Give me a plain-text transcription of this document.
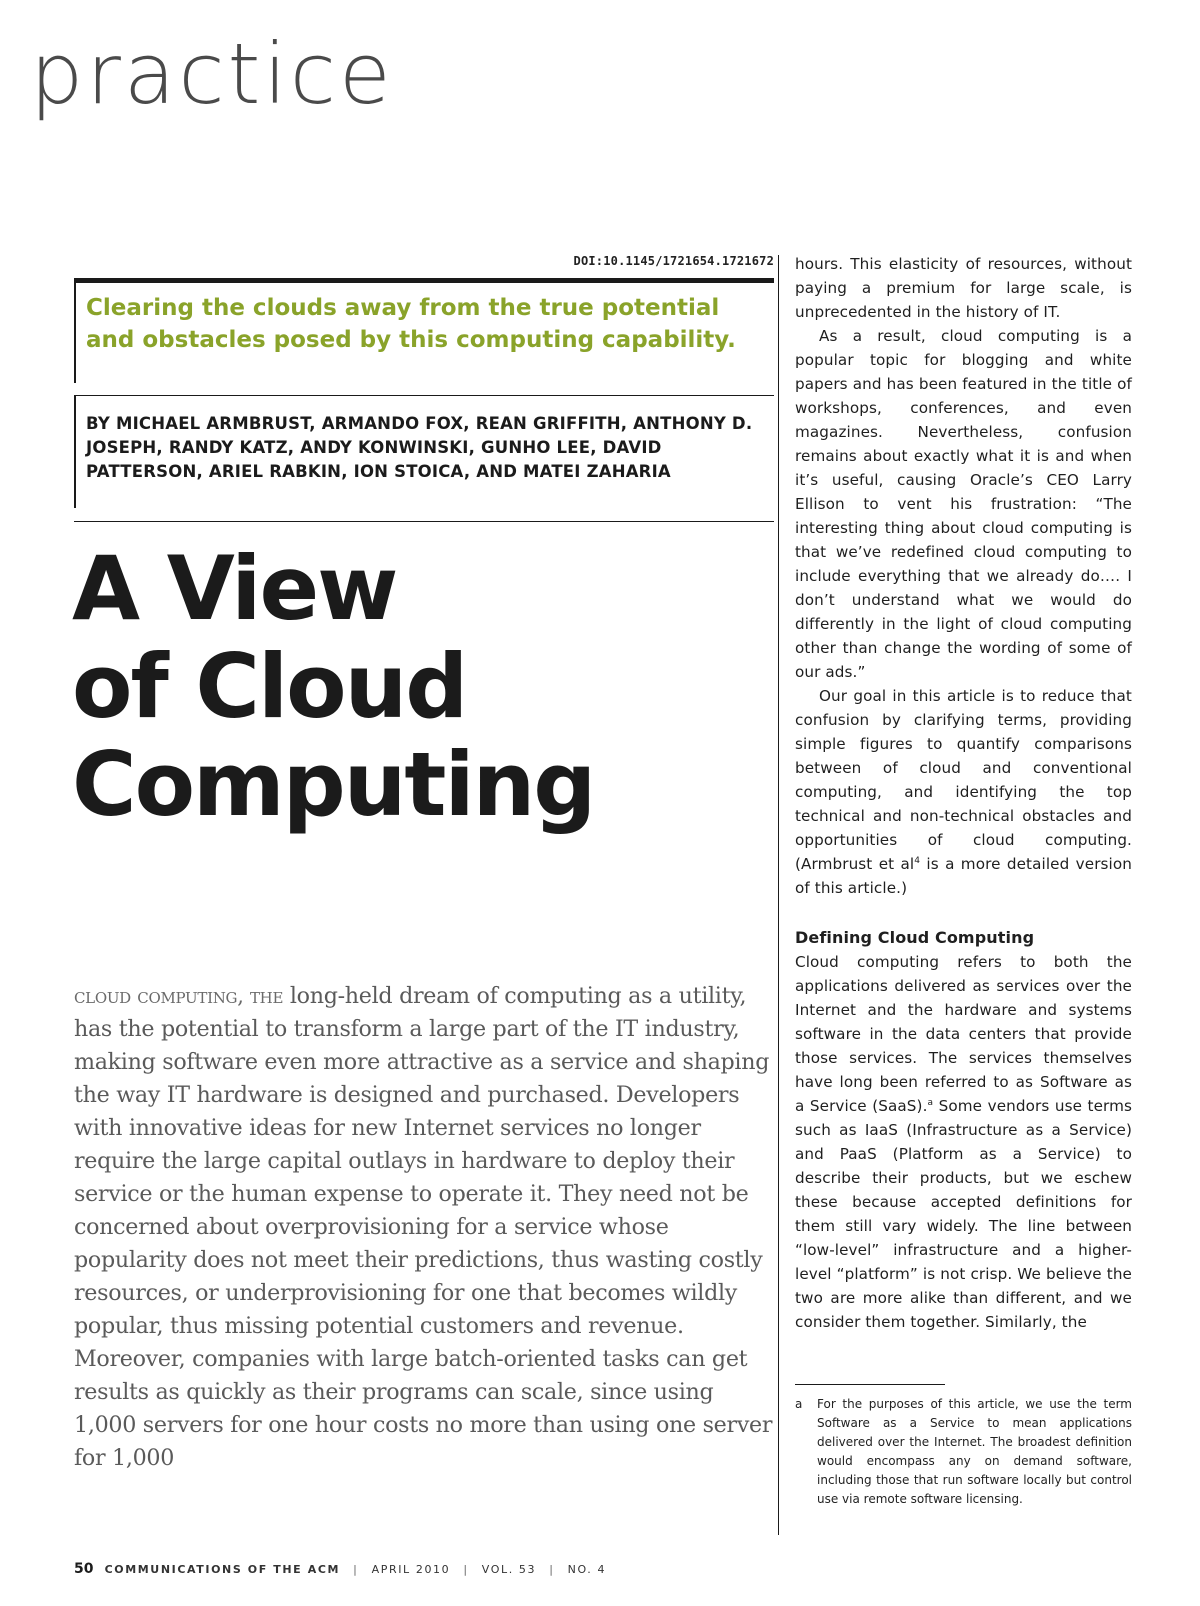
practice
DOI:10.1145/1721654.1721672
Clearing the clouds away from the true potential and obstacles posed by this computing capability.
BY MICHAEL ARMBRUST, ARMANDO FOX, REAN GRIFFITH, ANTHONY D. JOSEPH, RANDY KATZ, ANDY KONWINSKI, GUNHO LEE, DAVID PATTERSON, ARIEL RABKIN, ION STOICA, AND MATEI ZAHARIA
A View
of Cloud
Computing
cloud computing, the long-held dream of computing as a utility, has the potential to transform a large part of the IT industry, making software even more attractive as a service and shaping the way IT hardware is designed and purchased. Developers with innovative ideas for new Internet services no longer require the large capital outlays in hardware to deploy their service or the human expense to operate it. They need not be concerned about overprovisioning for a service whose popularity does not meet their predictions, thus wasting costly resources, or underprovisioning for one that becomes wildly popular, thus missing potential customers and revenue. Moreover, companies with large batch-oriented tasks can get results as quickly as their programs can scale, since using 1,000 servers for one hour costs no more than using one server for 1,000

hours. This elasticity of resources, without paying a premium for large scale, is unprecedented in the history of IT.

As a result, cloud computing is a popular topic for blogging and white papers and has been featured in the title of workshops, conferences, and even magazines. Nevertheless, confusion remains about exactly what it is and when it’s useful, causing Oracle’s CEO Larry Ellison to vent his frustration: “The interesting thing about cloud computing is that we’ve redefined cloud computing to include everything that we already do…. I don’t understand what we would do differently in the light of cloud computing other than change the wording of some of our ads.”

Our goal in this article is to reduce that confusion by clarifying terms, providing simple figures to quantify comparisons between of cloud and conventional computing, and identifying the top technical and non-technical obstacles and opportunities of cloud computing. (Armbrust et $al^4$ is a more detailed version of this article.)

Defining Cloud Computing

Cloud computing refers to both the applications delivered as services over the Internet and the hardware and systems software in the data centers that provide those services. The services themselves have long been referred to as Software as a Service (SaaS).$^a$ Some vendors use terms such as IaaS (Infrastructure as a Service) and PaaS (Platform as a Service) to describe their products, but we eschew these because accepted definitions for them still vary widely. The line between “low-level” infrastructure and a higher-level “platform” is not crisp. We believe the two are more alike than different, and we consider them together. Similarly, the

a For the purposes of this article, we use the term Software as a Service to mean applications delivered over the Internet. The broadest definition would encompass any on demand software, including those that run software locally but control use via remote software licensing.
50 COMMUNICATIONS OF THE ACM | APRIL 2010 | VOL. 53 | NO. 4
